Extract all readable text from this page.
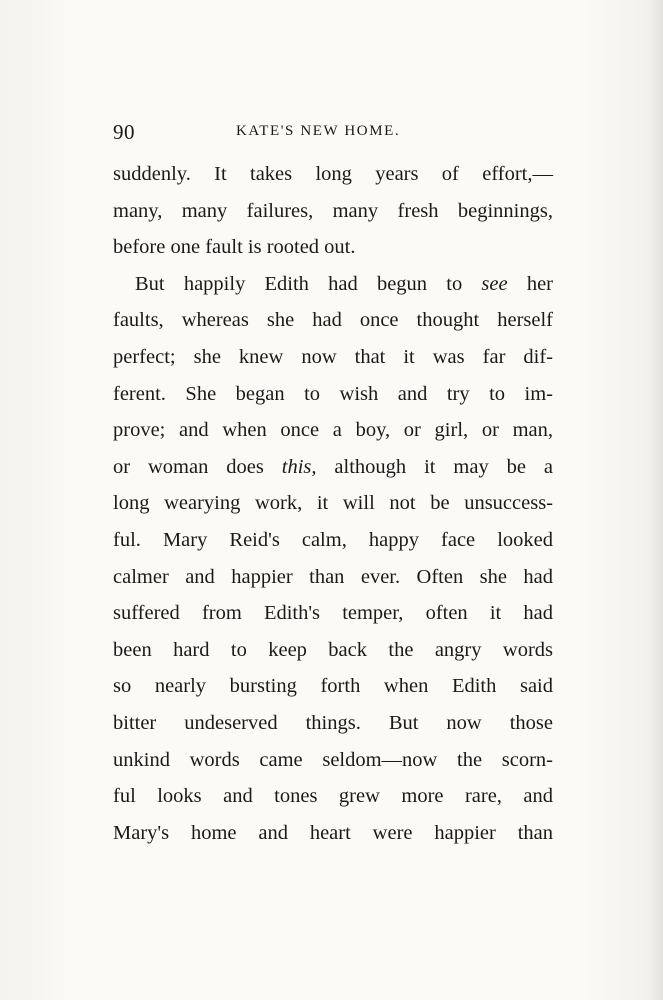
90	KATE'S NEW HOME.
suddenly. It takes long years of effort,—
many, many failures, many fresh beginnings,
before one fault is rooted out.
But happily Edith had begun to see her
faults, whereas she had once thought herself
perfect; she knew now that it was far dif-
ferent. She began to wish and try to im-
prove; and when once a boy, or girl, or man,
or woman does this, although it may be a
long wearying work, it will not be unsuccess-
ful. Mary Reid's calm, happy face looked
calmer and happier than ever. Often she had
suffered from Edith's temper, often it had
been hard to keep back the angry words
so nearly bursting forth when Edith said
bitter undeserved things. But now those
unkind words came seldom—now the scorn-
ful looks and tones grew more rare, and
Mary's home and heart were happier than
